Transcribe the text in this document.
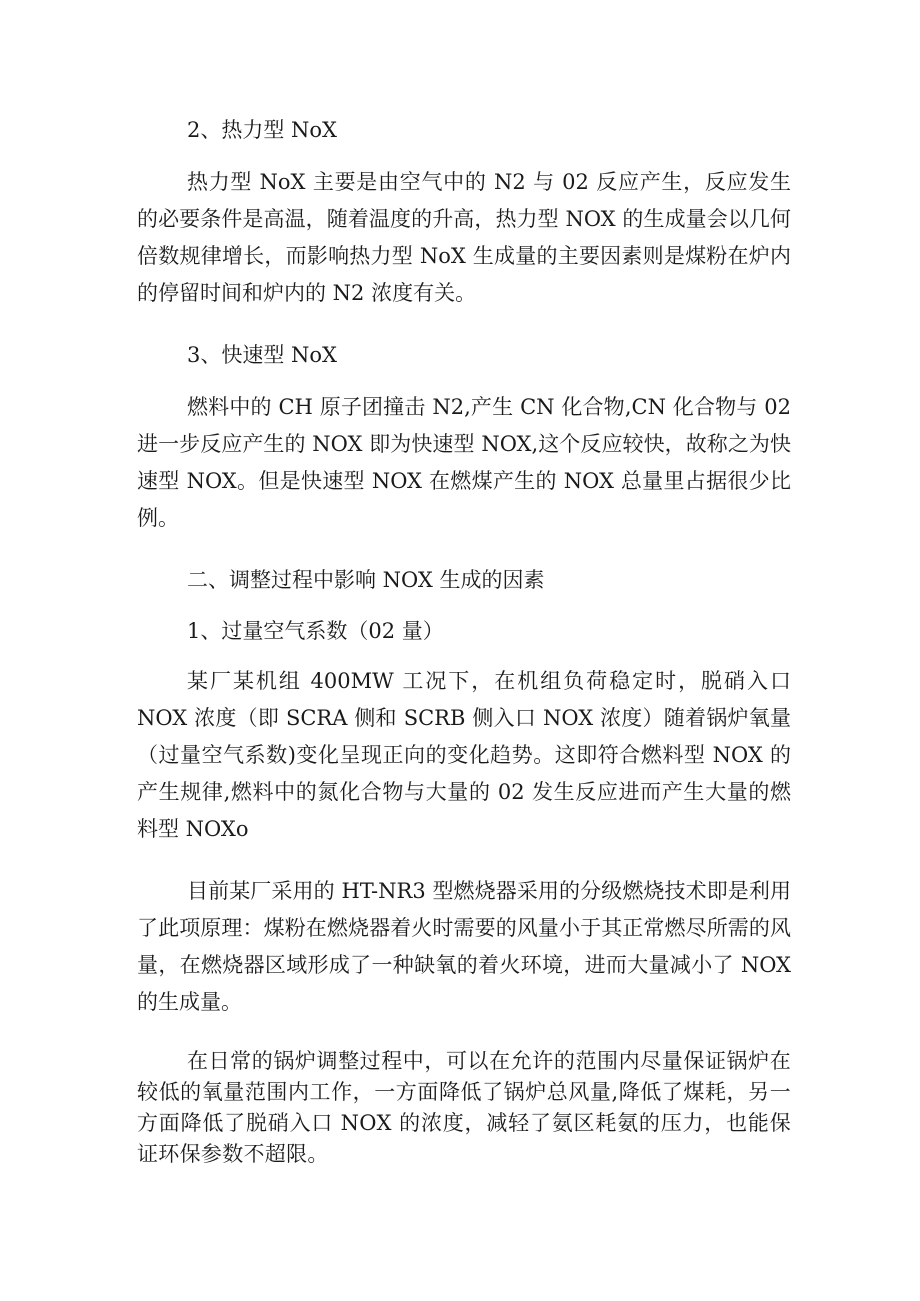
2、热力型 NoX

热力型 NoX 主要是由空气中的 N2 与 02 反应产生，反应发生的必要条件是高温，随着温度的升高，热力型 NOX 的生成量会以几何倍数规律增长，而影响热力型 NoX 生成量的主要因素则是煤粉在炉内的停留时间和炉内的 N2 浓度有关。

3、快速型 NoX

燃料中的 CH 原子团撞击 N2,产生 CN 化合物,CN 化合物与 02 进一步反应产生的 NOX 即为快速型 NOX,这个反应较快，故称之为快速型 NOX。但是快速型 NOX 在燃煤产生的 NOX 总量里占据很少比例。

二、调整过程中影响 NOX 生成的因素

1、过量空气系数（02 量）

某厂某机组 400MW 工况下，在机组负荷稳定时，脱硝入口 NOX 浓度（即 SCRA 侧和 SCRB 侧入口 NOX 浓度）随着锅炉氧量（过量空气系数)变化呈现正向的变化趋势。这即符合燃料型 NOX 的产生规律,燃料中的氮化合物与大量的 02 发生反应进而产生大量的燃料型 NOXo

目前某厂采用的 HT-NR3 型燃烧器采用的分级燃烧技术即是利用了此项原理：煤粉在燃烧器着火时需要的风量小于其正常燃尽所需的风量，在燃烧器区域形成了一种缺氧的着火环境，进而大量减小了 NOX 的生成量。

在日常的锅炉调整过程中，可以在允许的范围内尽量保证锅炉在较低的氧量范围内工作，一方面降低了锅炉总风量,降低了煤耗，另一方面降低了脱硝入口 NOX 的浓度，减轻了氨区耗氨的压力，也能保证环保参数不超限。
